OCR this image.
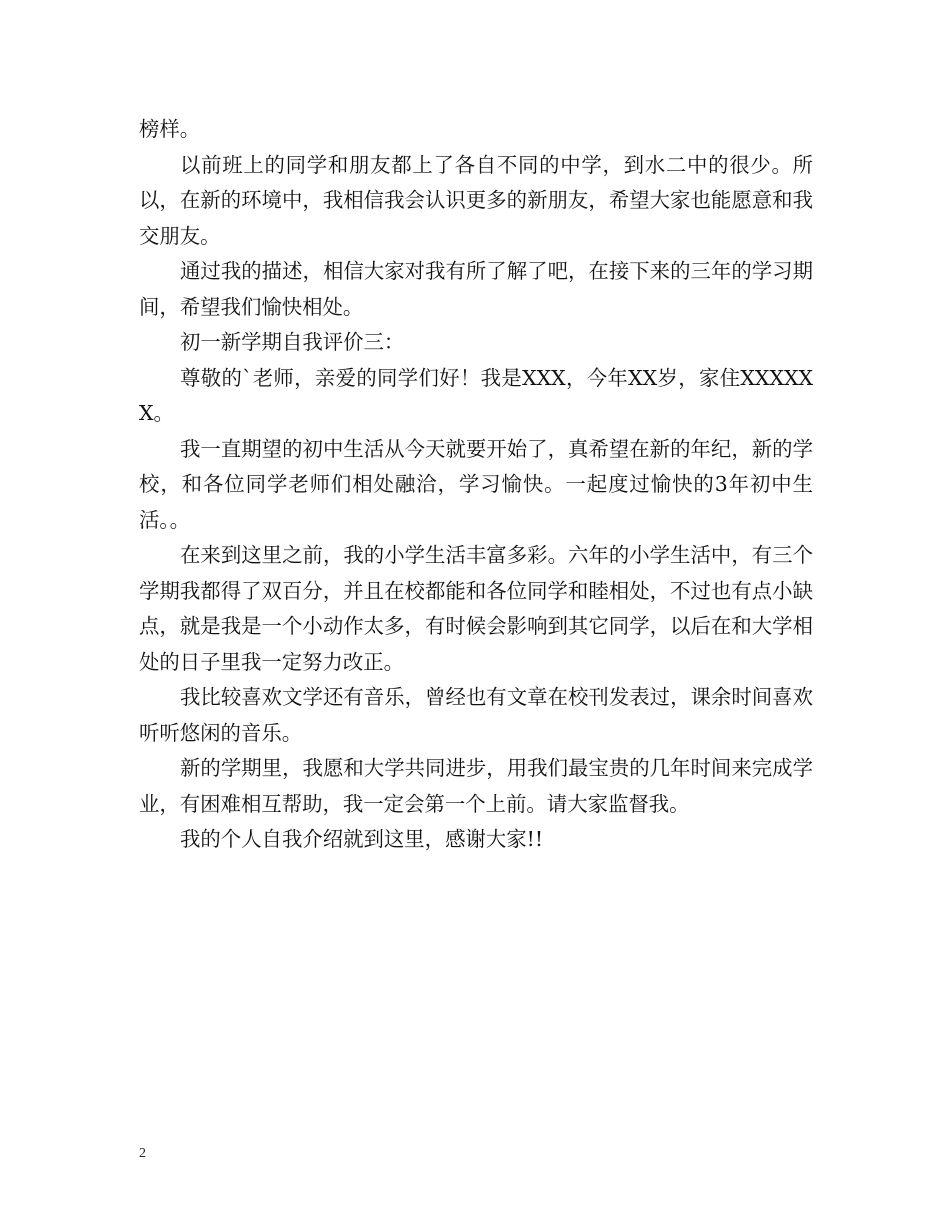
榜样。

以前班上的同学和朋友都上了各自不同的中学，到水二中的很少。所以，在新的环境中，我相信我会认识更多的新朋友，希望大家也能愿意和我交朋友。

通过我的描述，相信大家对我有所了解了吧，在接下来的三年的学习期间，希望我们愉快相处。

初一新学期自我评价三：

尊敬的`老师，亲爱的同学们好！我是XXX，今年XX岁，家住XXXXXX。

我一直期望的初中生活从今天就要开始了，真希望在新的年纪，新的学校，和各位同学老师们相处融洽，学习愉快。一起度过愉快的3年初中生活。。

在来到这里之前，我的小学生活丰富多彩。六年的小学生活中，有三个学期我都得了双百分，并且在校都能和各位同学和睦相处，不过也有点小缺点，就是我是一个小动作太多，有时候会影响到其它同学，以后在和大学相处的日子里我一定努力改正。

我比较喜欢文学还有音乐，曾经也有文章在校刊发表过，课余时间喜欢听听悠闲的音乐。

新的学期里，我愿和大学共同进步，用我们最宝贵的几年时间来完成学业，有困难相互帮助，我一定会第一个上前。请大家监督我。

我的个人自我介绍就到这里，感谢大家!!

2
